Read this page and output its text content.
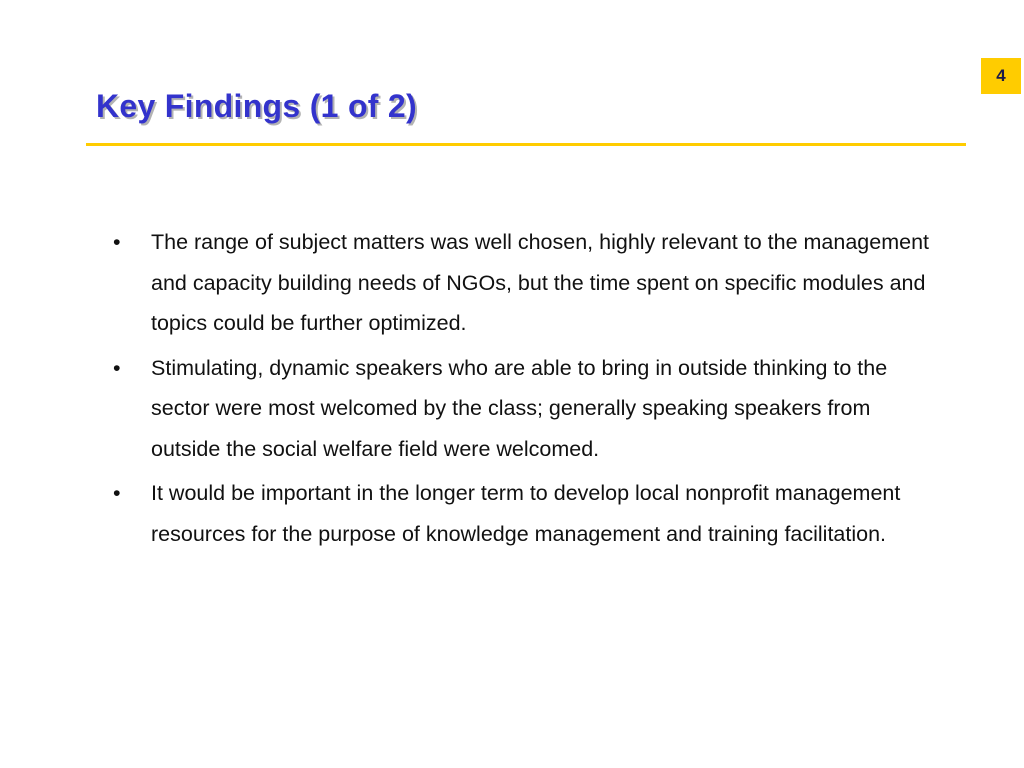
4
Key Findings (1 of 2)
• The range of subject matters was well chosen, highly relevant to the management and capacity building needs of NGOs, but the time spent on specific modules and topics could be further optimized.
• Stimulating, dynamic speakers who are able to bring in outside thinking to the sector were most welcomed by the class; generally speaking speakers from outside the social welfare field were welcomed.
• It would be important in the longer term to develop local nonprofit management resources for the purpose of knowledge management and training facilitation.
